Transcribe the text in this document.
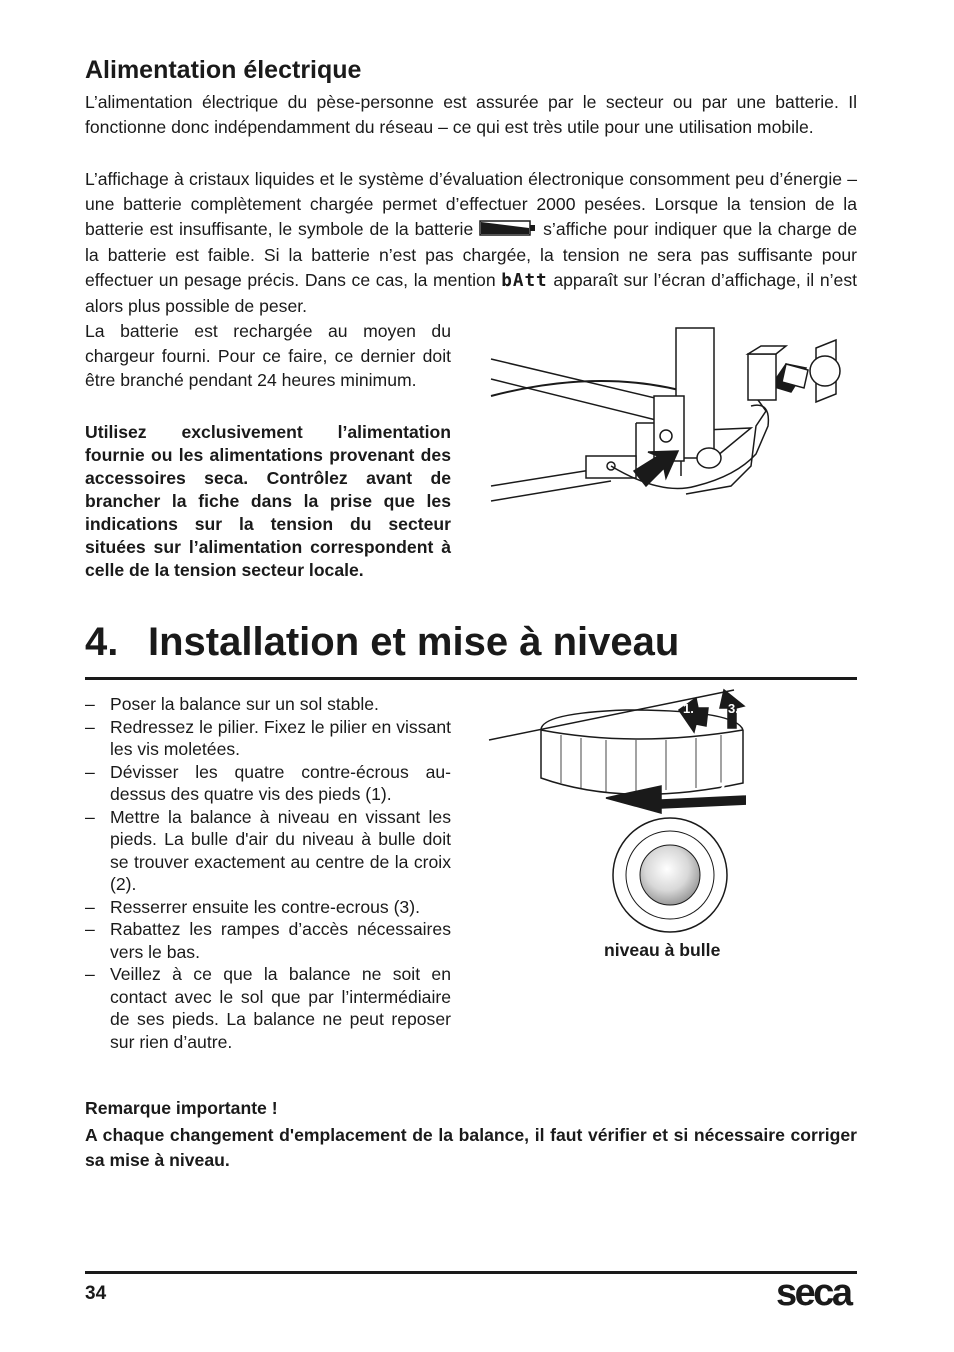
Alimentation électrique

L’alimentation électrique du pèse-personne est assurée par le secteur ou par une batterie. Il fonctionne donc indépendamment du réseau – ce qui est très utile pour une utilisation mobile.

L’affichage à cristaux liquides et le système d’évaluation électronique consomment peu d’énergie – une batterie complètement chargée permet d’effectuer 2000 pesées. Lorsque la tension de la batterie est insuffisante, le symbole de la batterie	s’affiche pour indiquer que la charge de la batterie est faible. Si la batterie n’est pas chargée, la tension ne sera pas suffisante pour effectuer un pesage précis. Dans ce cas, la mention bAtt apparaît sur l’écran d’affichage, il n’est alors plus possible de peser.

La batterie est rechargée au moyen du chargeur fourni. Pour ce faire, ce dernier doit être branché pendant 24 heures minimum.

Utilisez exclusivement l’alimentation fournie ou les alimentations provenant des accessoires seca. Contrôlez avant de brancher la fiche dans la prise que les indications sur la tension du secteur situées sur l’alimentation correspondent à celle de la tension secteur locale.

4. Installation et mise à niveau
– Poser la balance sur un sol stable.
– Redressez le pilier. Fixez le pilier en vissant les vis moletées.
– Dévisser les quatre contre-écrous au-dessus des quatre vis des pieds (1).
– Mettre la balance à niveau en vissant les pieds. La bulle d'air du niveau à bulle doit se trouver exactement au centre de la croix (2).
– Resserrer ensuite les contre-ecrous (3).
– Rabattez les rampes d’accès nécessaires vers le bas.
– Veillez à ce que la balance ne soit en contact avec le sol que par l’intermédiaire de ses pieds. La balance ne peut reposer sur rien d’autre.
1.	3.
2.
niveau à bulle
Remarque importante !

A chaque changement d'emplacement de la balance, il faut vérifier et si nécessaire corriger sa mise à niveau.

34	seca
